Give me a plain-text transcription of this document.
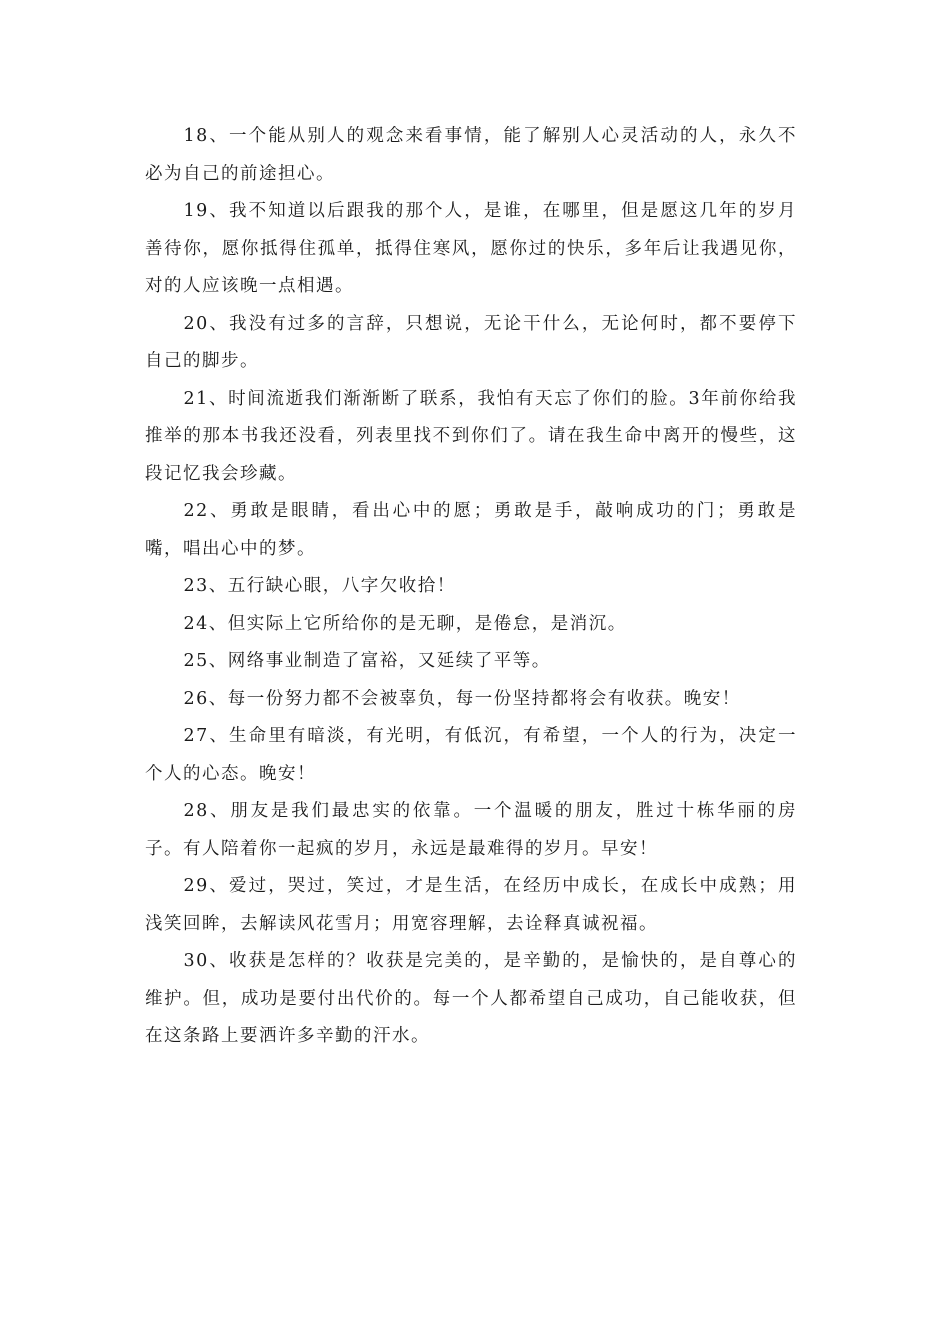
18、一个能从别人的观念来看事情，能了解别人心灵活动的人，永久不必为自己的前途担心。

19、我不知道以后跟我的那个人，是谁，在哪里，但是愿这几年的岁月善待你，愿你抵得住孤单，抵得住寒风，愿你过的快乐，多年后让我遇见你，对的人应该晚一点相遇。

20、我没有过多的言辞，只想说，无论干什么，无论何时，都不要停下自己的脚步。

21、时间流逝我们渐渐断了联系，我怕有天忘了你们的脸。3年前你给我推举的那本书我还没看，列表里找不到你们了。请在我生命中离开的慢些，这段记忆我会珍藏。

22、勇敢是眼睛，看出心中的愿；勇敢是手，敲响成功的门；勇敢是嘴，唱出心中的梦。

23、五行缺心眼，八字欠收拾！

24、但实际上它所给你的是无聊，是倦怠，是消沉。

25、网络事业制造了富裕，又延续了平等。

26、每一份努力都不会被辜负，每一份坚持都将会有收获。晚安！

27、生命里有暗淡，有光明，有低沉，有希望，一个人的行为，决定一个人的心态。晚安！

28、朋友是我们最忠实的依靠。一个温暖的朋友，胜过十栋华丽的房子。有人陪着你一起疯的岁月，永远是最难得的岁月。早安！

29、爱过，哭过，笑过，才是生活，在经历中成长，在成长中成熟；用浅笑回眸，去解读风花雪月；用宽容理解，去诠释真诚祝福。

30、收获是怎样的？收获是完美的，是辛勤的，是愉快的，是自尊心的维护。但，成功是要付出代价的。每一个人都希望自己成功，自己能收获，但在这条路上要洒许多辛勤的汗水。
